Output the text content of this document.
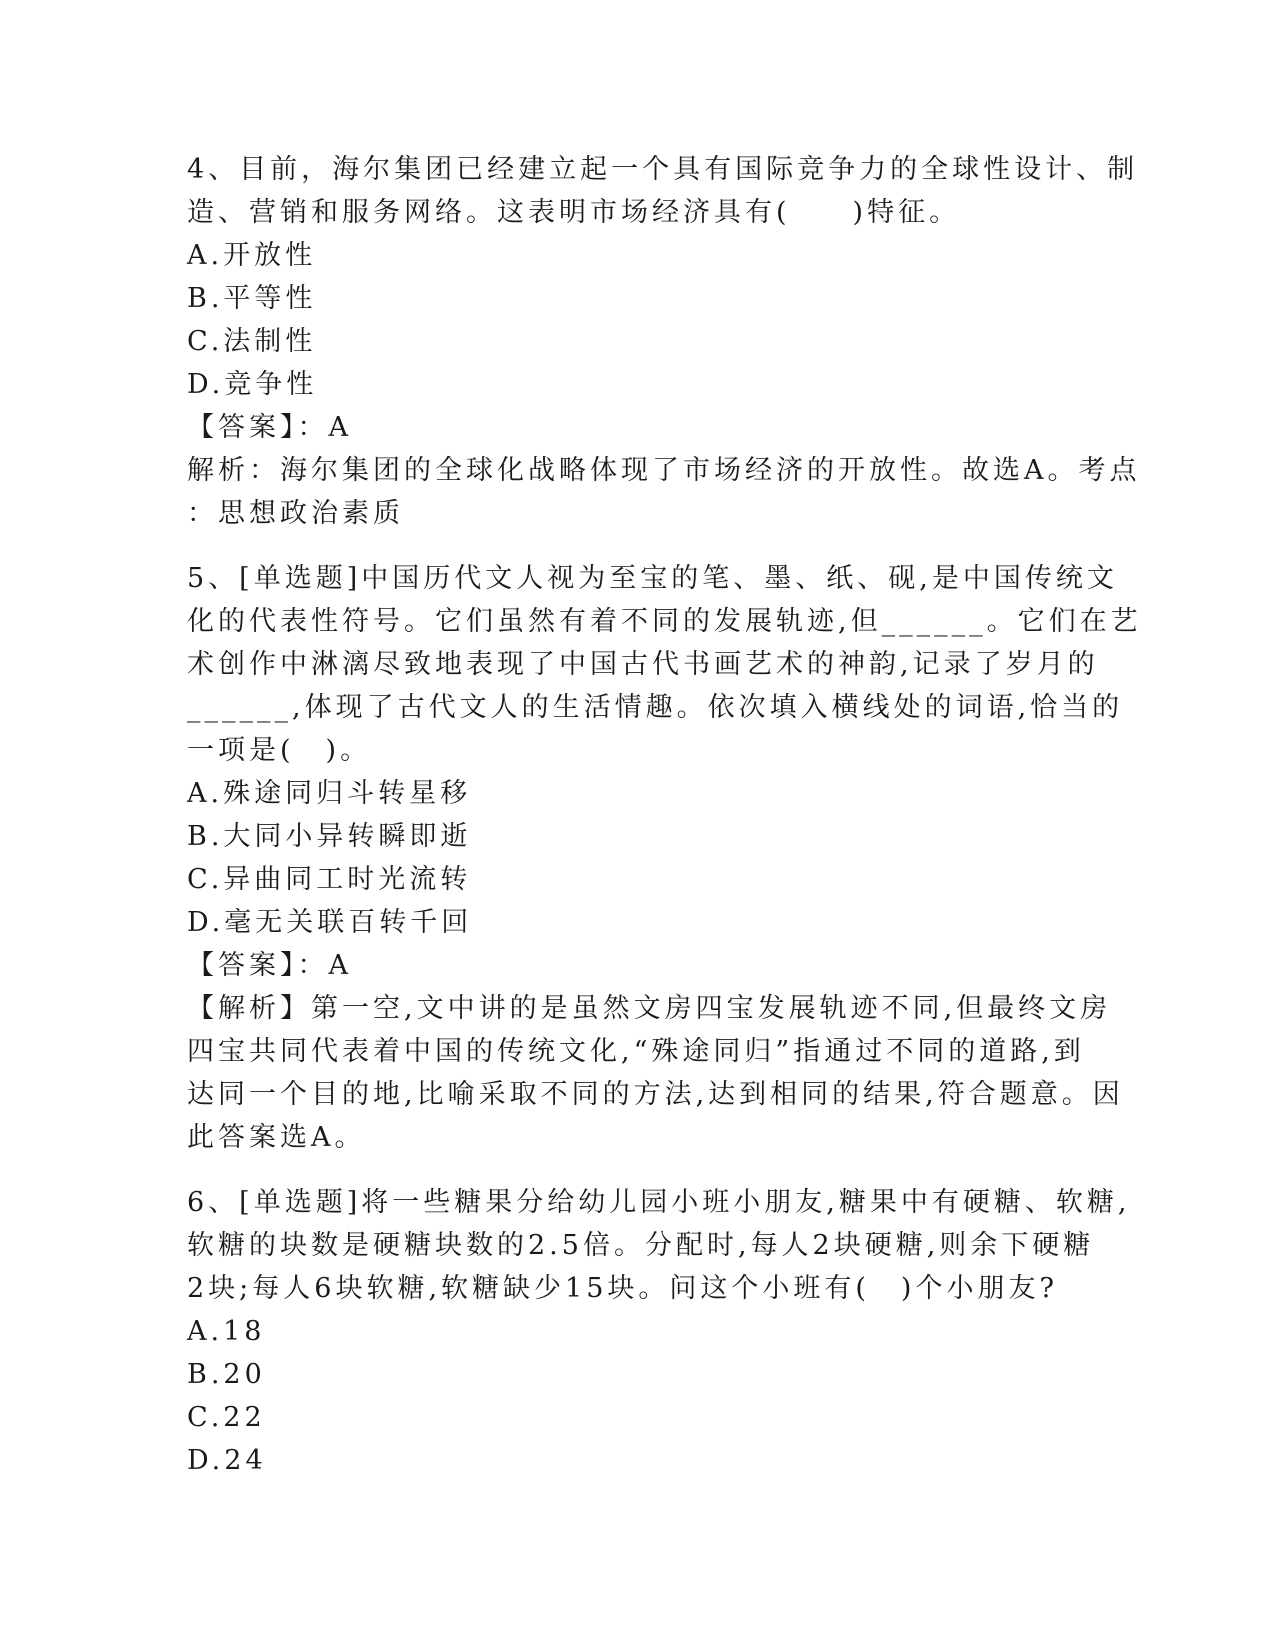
4、目前，海尔集团已经建立起一个具有国际竞争力的全球性设计、制
造、营销和服务网络。这表明市场经济具有(　　)特征。
A.开放性
B.平等性
C.法制性
D.竞争性
【答案】：A
解析：海尔集团的全球化战略体现了市场经济的开放性。故选A。考点
：思想政治素质
5、[单选题]中国历代文人视为至宝的笔、墨、纸、砚,是中国传统文
化的代表性符号。它们虽然有着不同的发展轨迹,但______。它们在艺
术创作中淋漓尽致地表现了中国古代书画艺术的神韵,记录了岁月的
______,体现了古代文人的生活情趣。依次填入横线处的词语,恰当的
一项是(　)。
A.殊途同归斗转星移
B.大同小异转瞬即逝
C.异曲同工时光流转
D.毫无关联百转千回
【答案】：A
【解析】第一空,文中讲的是虽然文房四宝发展轨迹不同,但最终文房
四宝共同代表着中国的传统文化,“殊途同归”指通过不同的道路,到
达同一个目的地,比喻采取不同的方法,达到相同的结果,符合题意。因
此答案选A。
6、[单选题]将一些糖果分给幼儿园小班小朋友,糖果中有硬糖、软糖,
软糖的块数是硬糖块数的2.5倍。分配时,每人2块硬糖,则余下硬糖
2块;每人6块软糖,软糖缺少15块。问这个小班有(　)个小朋友?
A.18
B.20
C.22
D.24
